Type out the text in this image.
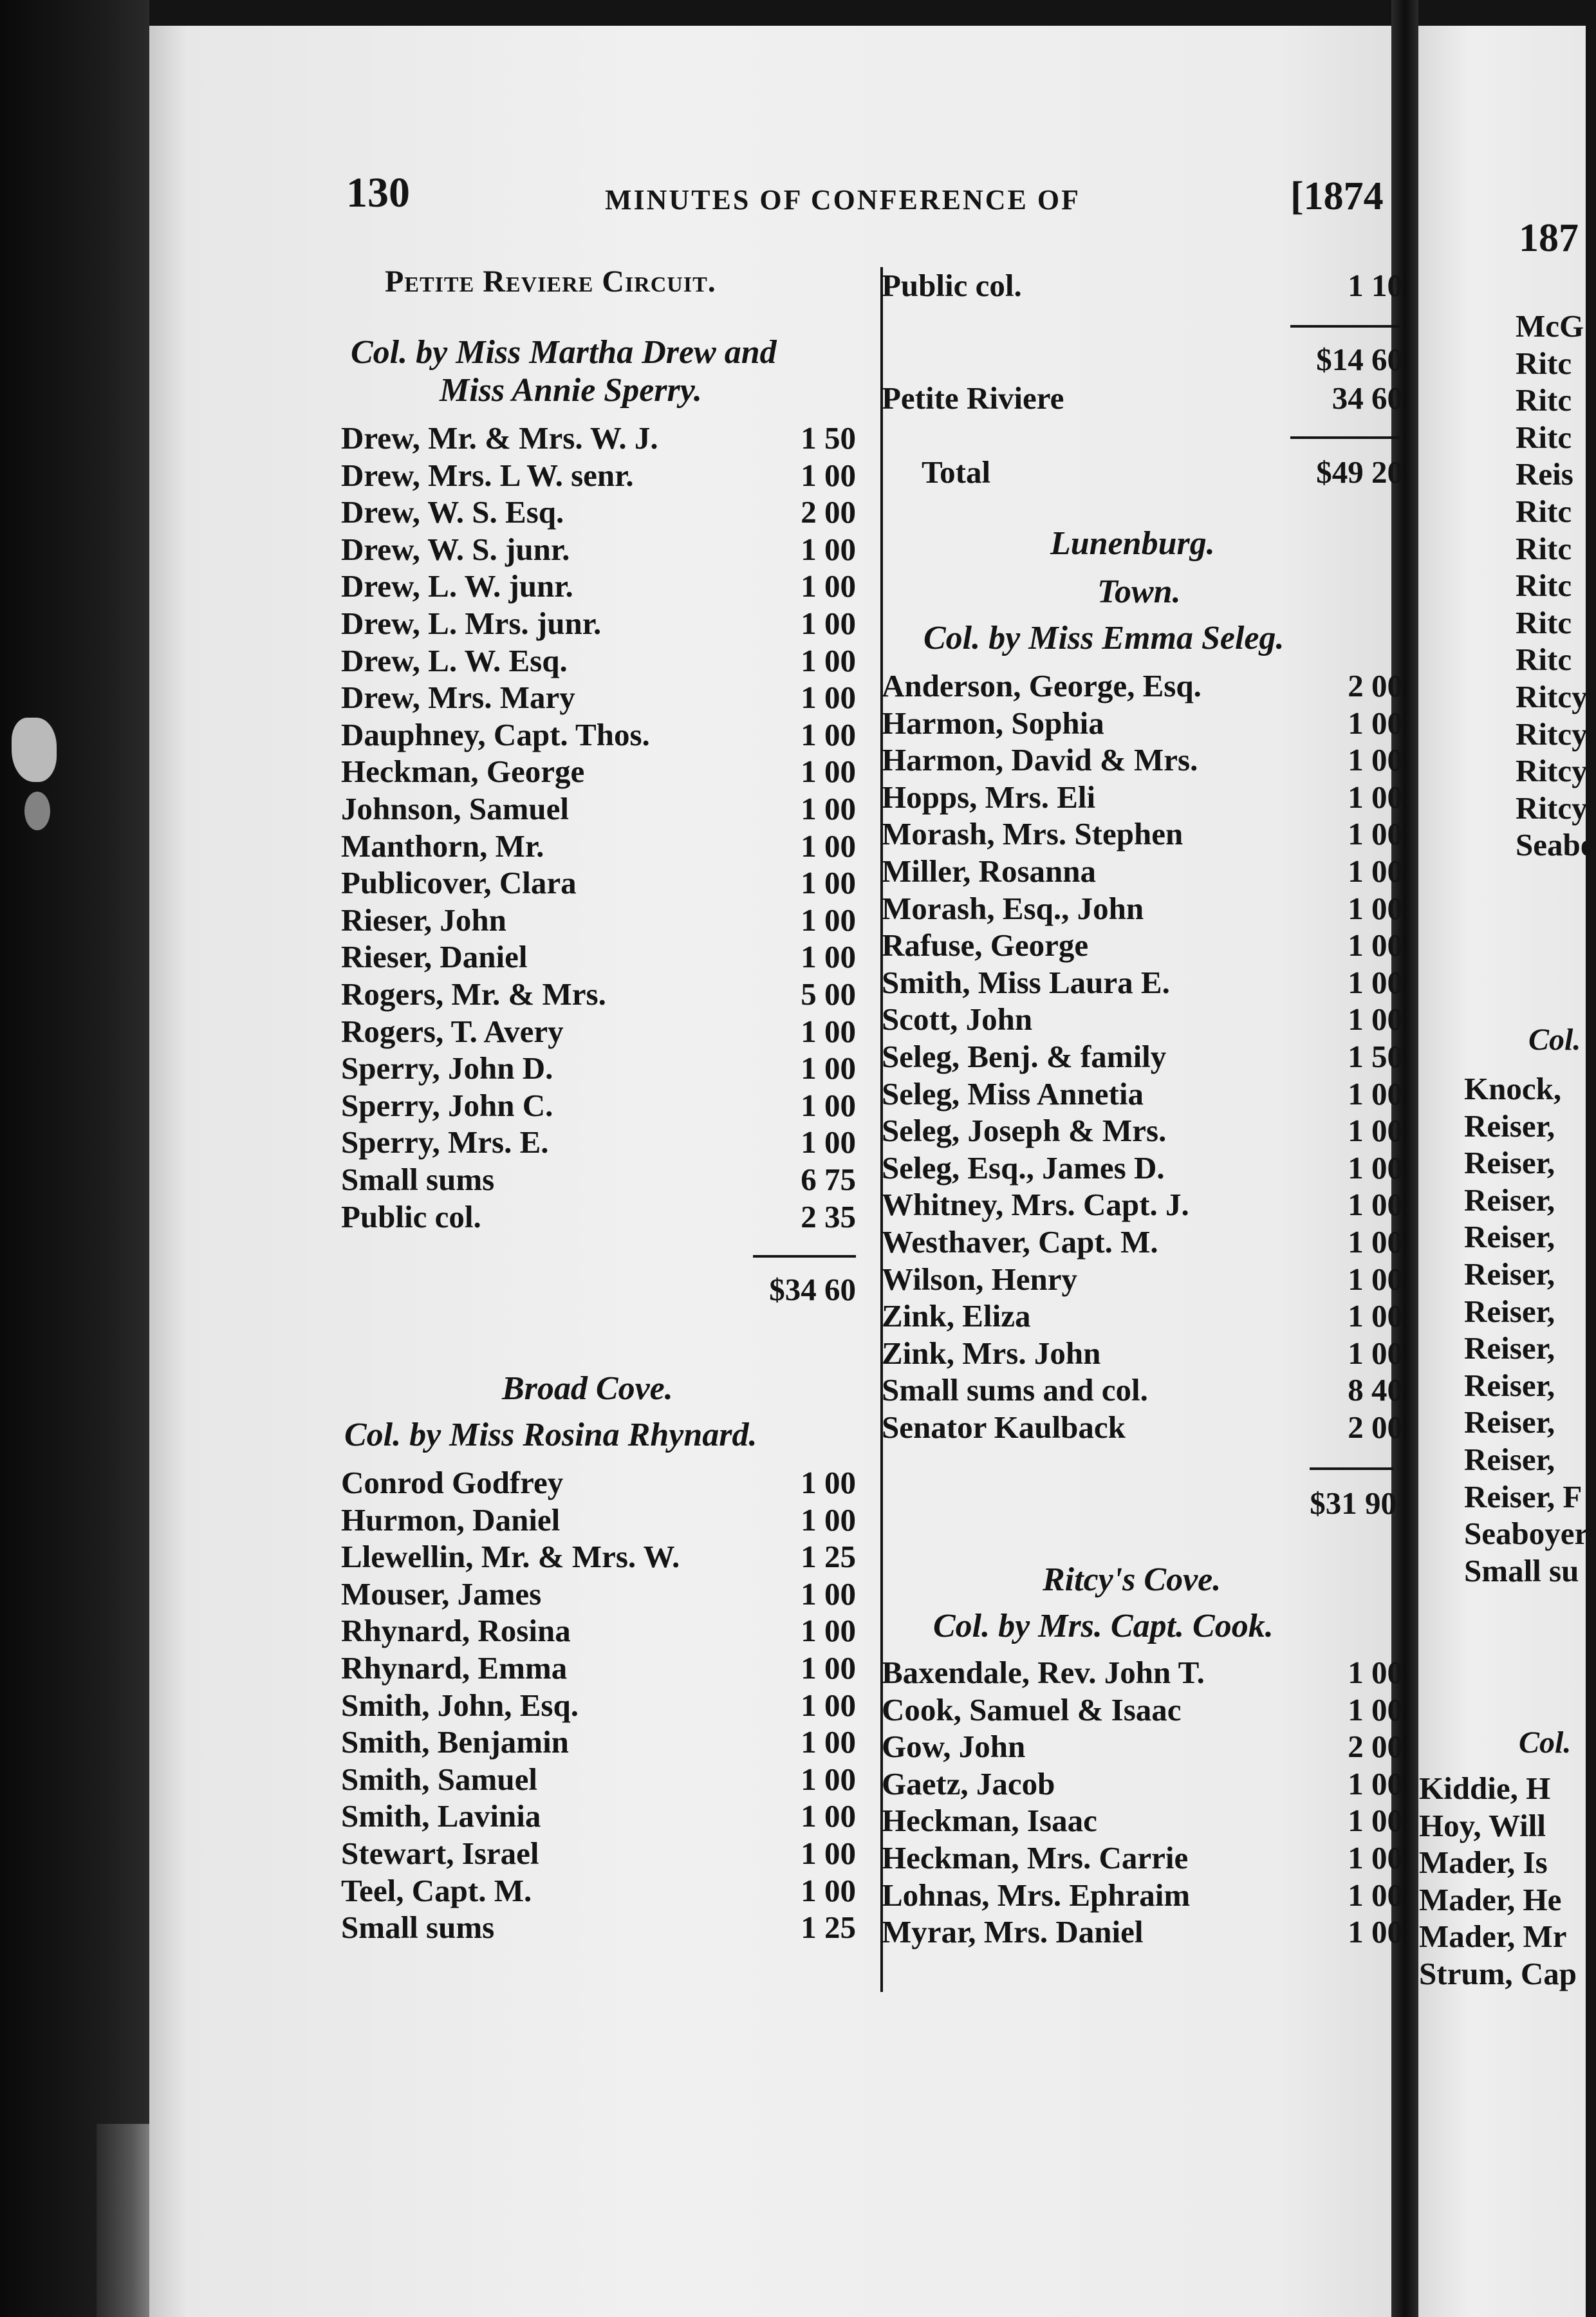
130	MINUTES OF CONFERENCE OF	[1874
187
Petite Reviere Circuit.
Col. by Miss Martha Drew and
Miss Annie Sperry.
Drew, Mr. & Mrs. W. J.	1 50
Drew, Mrs. L W. senr.	1 00
Drew, W. S. Esq.	2 00
Drew, W. S. junr.	1 00
Drew, L. W. junr.	1 00
Drew, L. Mrs. junr.	1 00
Drew, L. W. Esq.	1 00
Drew, Mrs. Mary	1 00
Dauphney, Capt. Thos.	1 00
Heckman, George	1 00
Johnson, Samuel	1 00
Manthorn, Mr.	1 00
Publicover, Clara	1 00
Rieser, John	1 00
Rieser, Daniel	1 00
Rogers, Mr. & Mrs.	5 00
Rogers, T. Avery	1 00
Sperry, John D.	1 00
Sperry, John C.	1 00
Sperry, Mrs. E.	1 00
Small sums	6 75
Public col.	2 35
$34 60
Broad Cove.
Col. by Miss Rosina Rhynard.
Conrod Godfrey	1 00
Hurmon, Daniel	1 00
Llewellin, Mr. & Mrs. W.	1 25
Mouser, James	1 00
Rhynard, Rosina	1 00
Rhynard, Emma	1 00
Smith, John, Esq.	1 00
Smith, Benjamin	1 00
Smith, Samuel	1 00
Smith, Lavinia	1 00
Stewart, Israel	1 00
Teel, Capt. M.	1 00
Small sums	1 25
Public col.	1 10
$14 60
Petite Riviere	34 60
Total	$49 20
Lunenburg.
Town.
Col. by Miss Emma Seleg.
Anderson, George, Esq.	2 00
Harmon, Sophia	1 00
Harmon, David & Mrs.	1 00
Hopps, Mrs. Eli	1 00
Morash, Mrs. Stephen	1 00
Miller, Rosanna	1 00
Morash, Esq., John	1 00
Rafuse, George	1 00
Smith, Miss Laura E.	1 00
Scott, John	1 00
Seleg, Benj. & family	1 50
Seleg, Miss Annetia	1 00
Seleg, Joseph & Mrs.	1 00
Seleg, Esq., James D.	1 00
Whitney, Mrs. Capt. J.	1 00
Westhaver, Capt. M.	1 00
Wilson, Henry	1 00
Zink, Eliza	1 00
Zink, Mrs. John	1 00
Small sums and col.	8 40
Senator Kaulback	2 00
$31 90
Ritcy's Cove.
Col. by Mrs. Capt. Cook.
Baxendale, Rev. John T.	1 00
Cook, Samuel & Isaac	1 00
Gow, John	2 00
Gaetz, Jacob	1 00
Heckman, Isaac	1 00
Heckman, Mrs. Carrie	1 00
Lohnas, Mrs. Ephraim	1 00
Myrar, Mrs. Daniel	1 00
McG
Ritc
Ritc
Ritc
Reis
Ritc
Ritc
Ritc
Ritc
Ritc
Ritcy
Ritcy,
Ritcy,
Ritcy,
Seabo
Col.
Knock,
Reiser,
Reiser,
Reiser,
Reiser,
Reiser,
Reiser,
Reiser,
Reiser,
Reiser,
Reiser,
Reiser, F
Seaboyer
Small su
Col.
Kiddie, H
Hoy, Will
Mader, Is
Mader, He
Mader, Mr
Strum, Cap
